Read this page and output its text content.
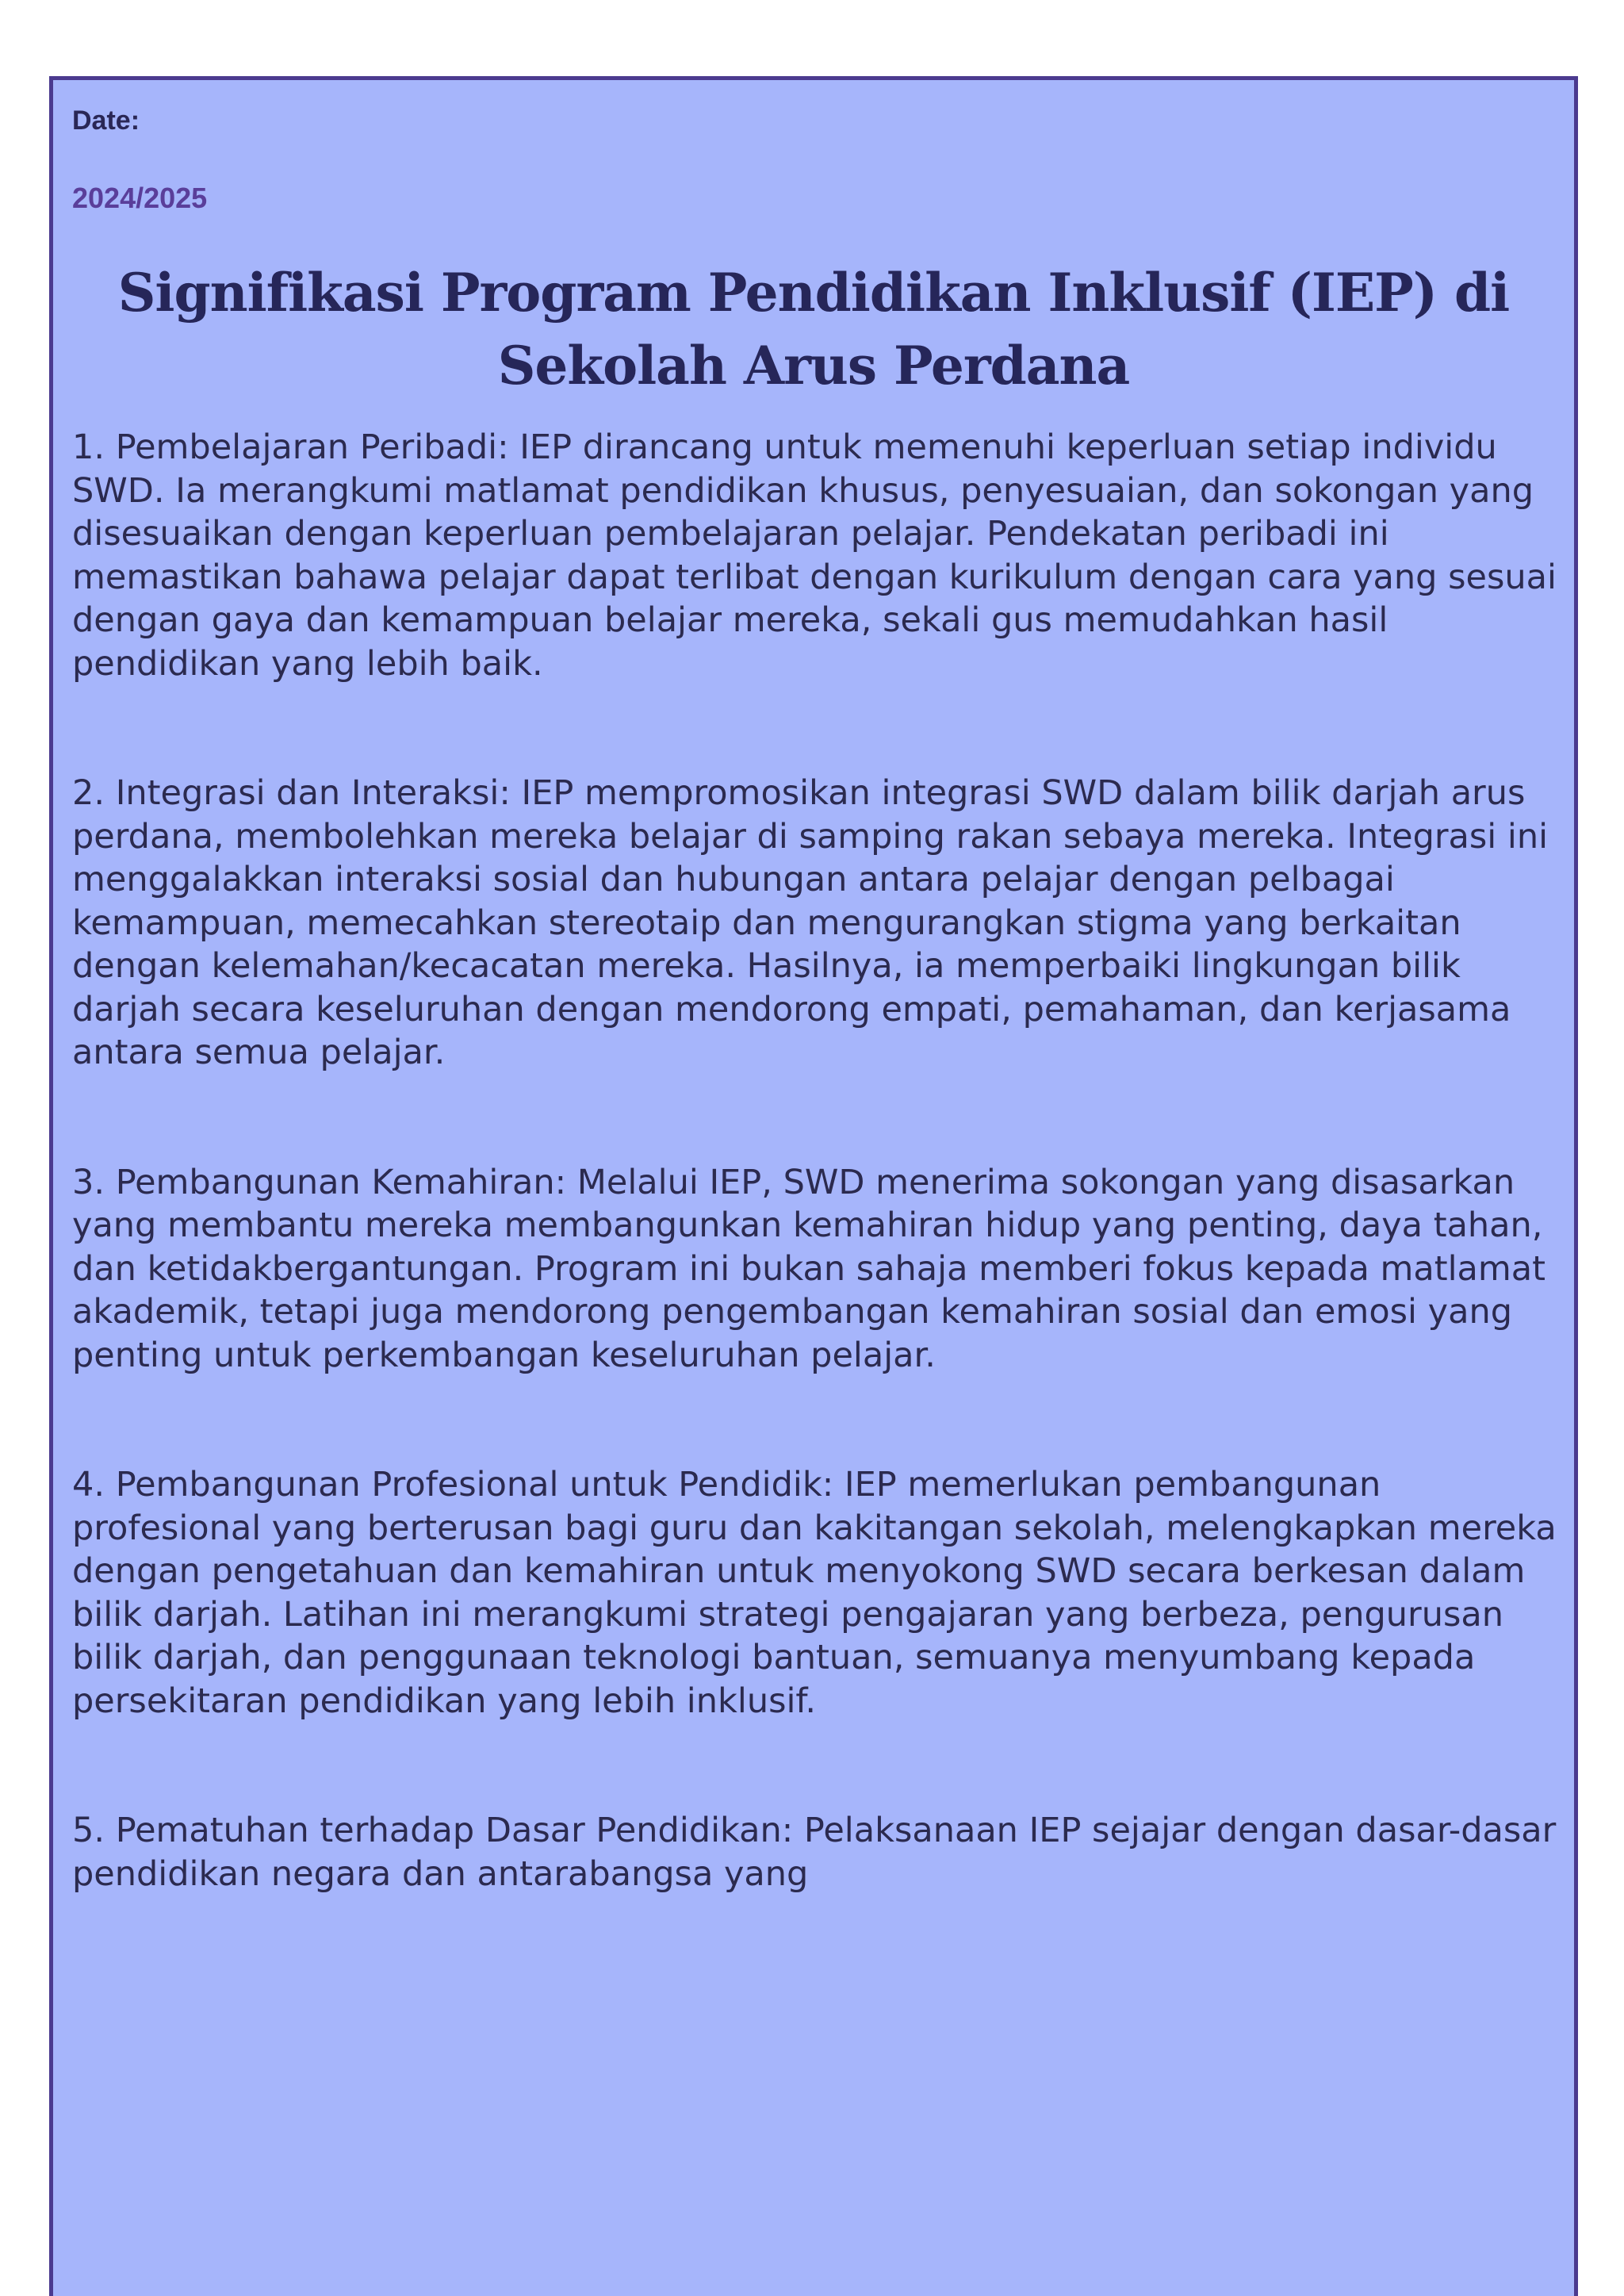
Date:

2024/2025

Signifikasi Program Pendidikan Inklusif (IEP) di Sekolah Arus Perdana

1. Pembelajaran Peribadi: IEP dirancang untuk memenuhi keperluan setiap individu SWD. Ia merangkumi matlamat pendidikan khusus, penyesuaian, dan sokongan yang disesuaikan dengan keperluan pembelajaran pelajar. Pendekatan peribadi ini memastikan bahawa pelajar dapat terlibat dengan kurikulum dengan cara yang sesuai dengan gaya dan kemampuan belajar mereka, sekali gus memudahkan hasil pendidikan yang lebih baik.

2. Integrasi dan Interaksi: IEP mempromosikan integrasi SWD dalam bilik darjah arus perdana, membolehkan mereka belajar di samping rakan sebaya mereka. Integrasi ini menggalakkan interaksi sosial dan hubungan antara pelajar dengan pelbagai kemampuan, memecahkan stereotaip dan mengurangkan stigma yang berkaitan dengan kelemahan/kecacatan mereka. Hasilnya, ia memperbaiki lingkungan bilik darjah secara keseluruhan dengan mendorong empati, pemahaman, dan kerjasama antara semua pelajar.

3. Pembangunan Kemahiran: Melalui IEP, SWD menerima sokongan yang disasarkan yang membantu mereka membangunkan kemahiran hidup yang penting, daya tahan, dan ketidakbergantungan. Program ini bukan sahaja memberi fokus kepada matlamat akademik, tetapi juga mendorong pengembangan kemahiran sosial dan emosi yang penting untuk perkembangan keseluruhan pelajar.

4. Pembangunan Profesional untuk Pendidik: IEP memerlukan pembangunan profesional yang berterusan bagi guru dan kakitangan sekolah, melengkapkan mereka dengan pengetahuan dan kemahiran untuk menyokong SWD secara berkesan dalam bilik darjah. Latihan ini merangkumi strategi pengajaran yang berbeza, pengurusan bilik darjah, dan penggunaan teknologi bantuan, semuanya menyumbang kepada persekitaran pendidikan yang lebih inklusif.

5. Pematuhan terhadap Dasar Pendidikan: Pelaksanaan IEP sejajar dengan dasar-dasar pendidikan negara dan antarabangsa yang
